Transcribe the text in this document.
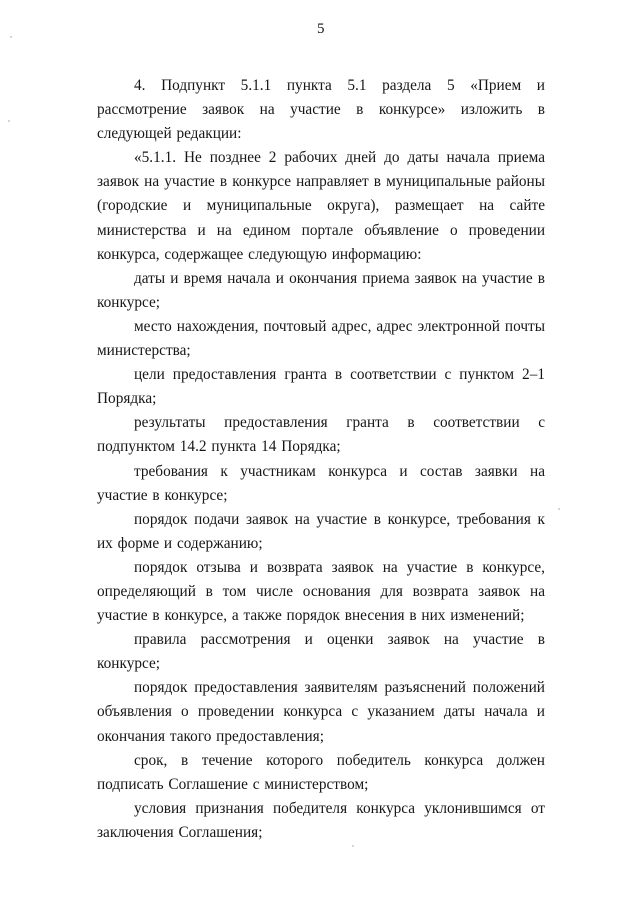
5

4. Подпункт 5.1.1 пункта 5.1 раздела 5 «Прием и рассмотрение заявок на участие в конкурсе» изложить в следующей редакции:

«5.1.1. Не позднее 2 рабочих дней до даты начала приема заявок на участие в конкурсе направляет в муниципальные районы (городские и муниципальные округа), размещает на сайте министерства и на едином портале объявление о проведении конкурса, содержащее следующую информацию:

даты и время начала и окончания приема заявок на участие в конкурсе;

место нахождения, почтовый адрес, адрес электронной почты министерства;

цели предоставления гранта в соответствии с пунктом 2–1 Порядка;

результаты предоставления гранта в соответствии с подпунктом 14.2 пункта 14 Порядка;

требования к участникам конкурса и состав заявки на участие в конкурсе;

порядок подачи заявок на участие в конкурсе, требования к их форме и содержанию;

порядок отзыва и возврата заявок на участие в конкурсе, определяющий в том числе основания для возврата заявок на участие в конкурсе, а также порядок внесения в них изменений;

правила рассмотрения и оценки заявок на участие в конкурсе;

порядок предоставления заявителям разъяснений положений объявления о проведении конкурса с указанием даты начала и окончания такого предоставления;

срок, в течение которого победитель конкурса должен подписать Соглашение с министерством;

условия признания победителя конкурса уклонившимся от заключения Соглашения;
